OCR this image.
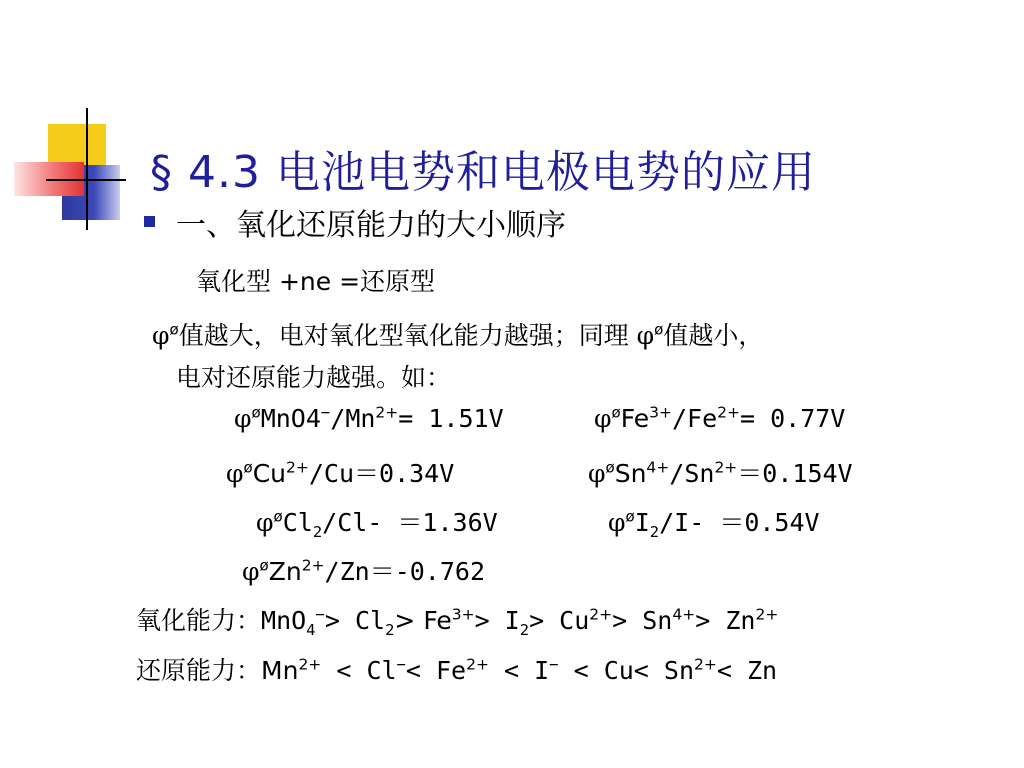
§ 4.3 电池电势和电极电势的应用
一、氧化还原能力的大小顺序
氧化型 +ne =还原型
$\varphi^ø$值越大，电对氧化型氧化能力越强；同理 $\varphi^ø$值越小，
电对还原能力越强。如：
$\varphi^øMnO4^-/Mn^{2+}= 1.51V$	$\varphi^øFe^{3+}/Fe^{2+}= 0.77V$
$\varphi^øCu^{2+}/Cu=0.34V$	$\varphi^øSn^{4+}/Sn^{2+}=0.154V$
$\varphi^øCl_2/Cl- =1.36V$	$\varphi^øI_2/I- =0.54V$
$\varphi^øZn^{2+}/Zn=-0.762$
氧化能力：$MnO_4^-> Cl_2> Fe^{3+}> I_2> Cu^{2+}> Sn^{4+}> Zn^{2+}$
还原能力：$Mn^{2+} < Cl^-< Fe^{2+} < I^- < Cu< Sn^{2+}< Zn$
